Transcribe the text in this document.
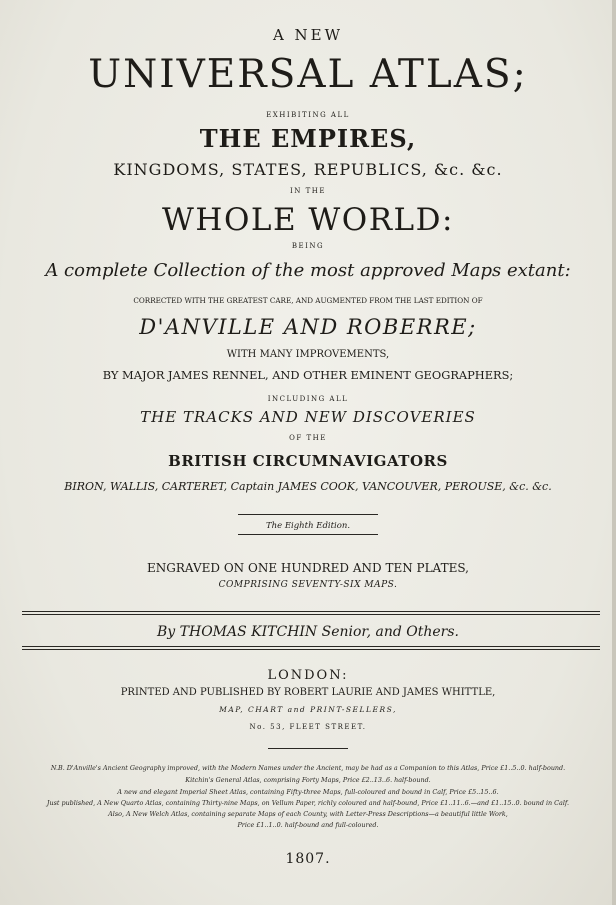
A NEW
UNIVERSAL ATLAS;
EXHIBITING ALL
THE EMPIRES,
KINGDOMS, STATES, REPUBLICS, &c. &c.
IN THE
WHOLE WORLD:
BEING
A complete Collection of the most approved Maps extant:
CORRECTED WITH THE GREATEST CARE, AND AUGMENTED FROM THE LAST EDITION OF
D'ANVILLE AND ROBERRE;
WITH MANY IMPROVEMENTS,
BY MAJOR JAMES RENNEL, AND OTHER EMINENT GEOGRAPHERS;
INCLUDING ALL
THE TRACKS AND NEW DISCOVERIES
OF THE
BRITISH CIRCUMNAVIGATORS
BIRON, WALLIS, CARTERET, Captain JAMES COOK, VANCOUVER, PEROUSE, &c. &c.
The Eighth Edition.
ENGRAVED ON ONE HUNDRED AND TEN PLATES,
COMPRISING SEVENTY-SIX MAPS.
By THOMAS KITCHIN Senior, and Others.
LONDON:
PRINTED AND PUBLISHED BY ROBERT LAURIE AND JAMES WHITTLE,
MAP, CHART and PRINT-SELLERS,
No. 53, FLEET STREET.
N.B. D'Anville's Ancient Geography improved, with the Modern Names under the Ancient, may be had as a Companion to this Atlas, Price £1..5..0. half-bound.
Kitchin's General Atlas, comprising Forty Maps, Price £2..13..6. half-bound.
A new and elegant Imperial Sheet Atlas, containing Fifty-three Maps, full-coloured and bound in Calf, Price £5..15..6.
Just published, A New Quarto Atlas, containing Thirty-nine Maps, on Vellum Paper, richly coloured and half-bound, Price £1..11..6.—and £1..15..0. bound in Calf.
Also, A New Welch Atlas, containing separate Maps of each County, with Letter-Press Descriptions—a beautiful little Work,
Price £1..1..0. half-bound and full-coloured.
1807.
